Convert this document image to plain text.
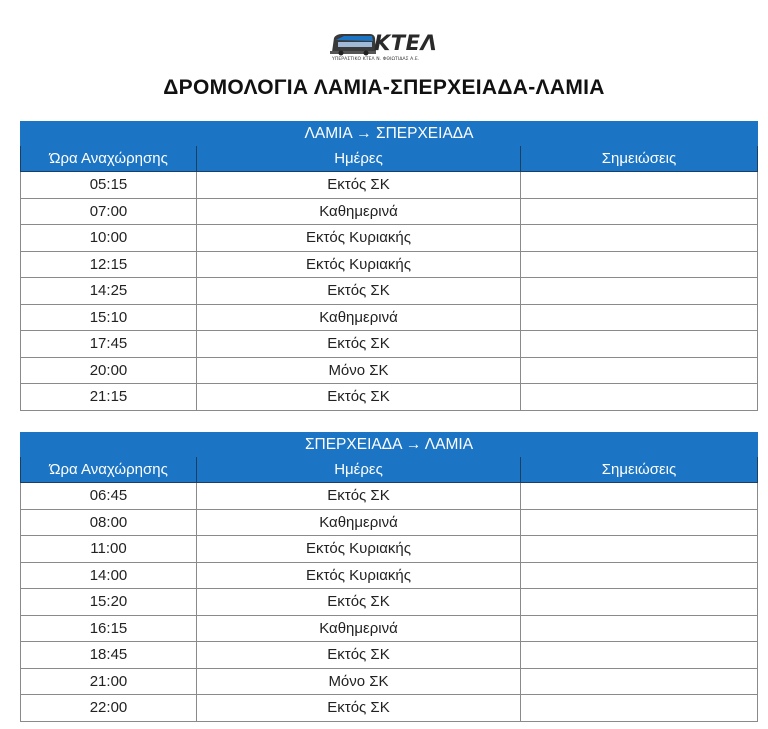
ΚΤΕΛ
ΥΠΕΡΑΣΤΙΚΟ ΚΤΕΛ Ν. ΦΘΙΩΤΙΔΑΣ Α.Ε.
ΔΡΟΜΟΛΟΓΙΑ ΛΑΜΙΑ-ΣΠΕΡΧΕΙΑΔΑ-ΛΑΜΙΑ
ΛΑΜΙΑ → ΣΠΕΡΧΕΙΑΔΑ		
Ώρα Αναχώρησης	Ημέρες	Σημειώσεις
05:15	Εκτός ΣΚ	
07:00	Καθημερινά	
10:00	Εκτός Κυριακής	
12:15	Εκτός Κυριακής	
14:25	Εκτός ΣΚ	
15:10	Καθημερινά	
17:45	Εκτός ΣΚ	
20:00	Μόνο ΣΚ	
21:15	Εκτός ΣΚ	
ΣΠΕΡΧΕΙΑΔΑ → ΛΑΜΙΑ		
Ώρα Αναχώρησης	Ημέρες	Σημειώσεις
06:45	Εκτός ΣΚ	
08:00	Καθημερινά	
11:00	Εκτός Κυριακής	
14:00	Εκτός Κυριακής	
15:20	Εκτός ΣΚ	
16:15	Καθημερινά	
18:45	Εκτός ΣΚ	
21:00	Μόνο ΣΚ	
22:00	Εκτός ΣΚ	
